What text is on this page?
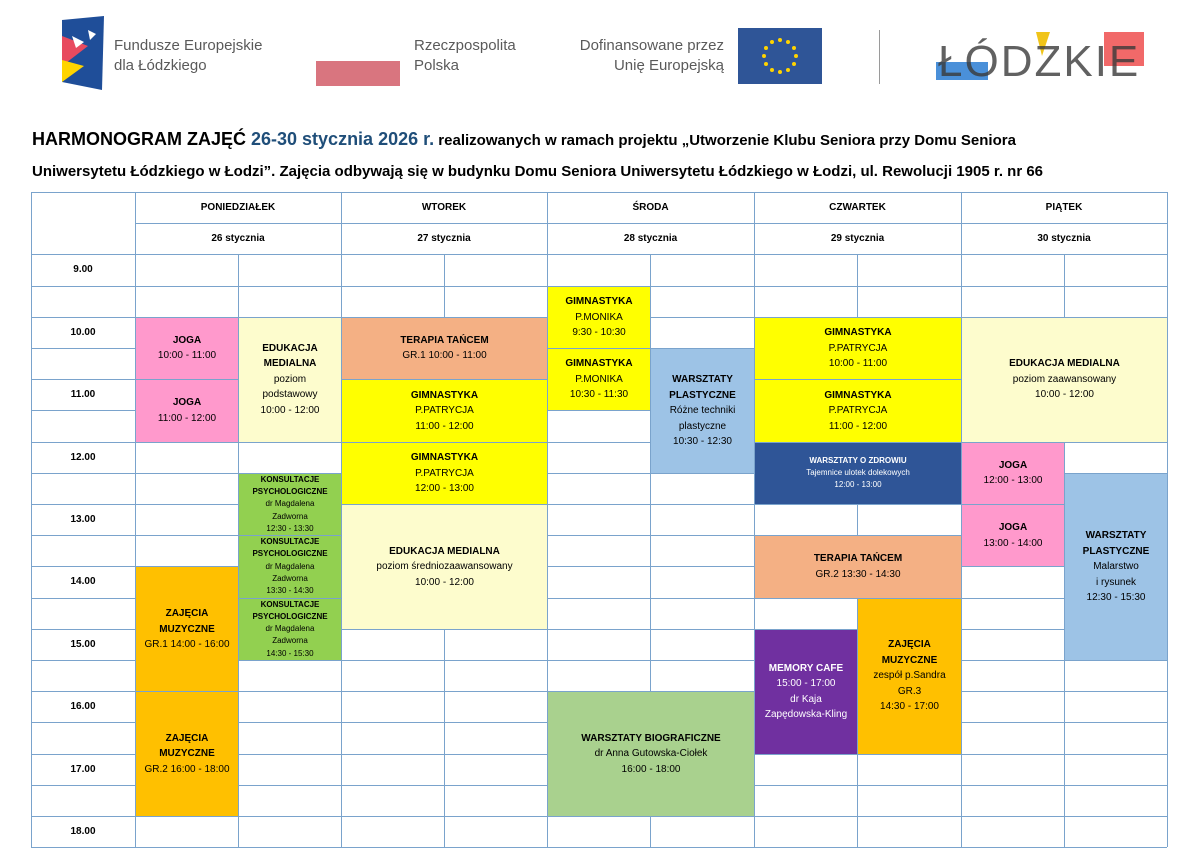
Fundusze Europejskie
dla Łódzkiego
Rzeczpospolita
Polska
Dofinansowane przez
Unię Europejską	ŁÓDZKIE
HARMONOGRAM ZAJĘĆ 26-30 stycznia 2026 r. realizowanych w ramach projektu „Utworzenie Klubu Seniora przy Domu Seniora
Uniwersytetu Łódzkiego w Łodzi”. Zajęcia odbywają się w budynku Domu Seniora Uniwersytetu Łódzkiego w Łodzi, ul. Rewolucji 1905 r. nr 66
PONIEDZIAŁEK
26 stycznia
WTOREK
27 stycznia
ŚRODA
28 stycznia
CZWARTEK
29 stycznia
PIĄTEK
30 stycznia
9.00
10.00
11.00
12.00
13.00
14.00
15.00
16.00
17.00
18.00
JOGA
10:00 - 11:00
JOGA
11:00 - 12:00
EDUKACJA
MEDIALNA
poziom
podstawowy
10:00 - 12:00
KONSULTACJE
PSYCHOLOGICZNE
dr Magdalena
Zadworna
12:30 - 13:30
KONSULTACJE
PSYCHOLOGICZNE
dr Magdalena
Zadworna
13:30 - 14:30
KONSULTACJE
PSYCHOLOGICZNE
dr Magdalena
Zadworna
14:30 - 15:30
ZAJĘCIA
MUZYCZNE
GR.1 14:00 - 16:00
ZAJĘCIA
MUZYCZNE
GR.2 16:00 - 18:00
TERAPIA TAŃCEM
GR.1 10:00 - 11:00
GIMNASTYKA
P.PATRYCJA
11:00 - 12:00
GIMNASTYKA
P.PATRYCJA
12:00 - 13:00
EDUKACJA MEDIALNA
poziom średniozaawansowany
10:00 - 12:00
GIMNASTYKA
P.MONIKA
9:30 - 10:30
GIMNASTYKA
P.MONIKA
10:30 - 11:30
WARSZTATY
PLASTYCZNE
Różne techniki
plastyczne
10:30 - 12:30
WARSZTATY BIOGRAFICZNE
dr Anna Gutowska-Ciołek
16:00 - 18:00
GIMNASTYKA
P.PATRYCJA
10:00 - 11:00
GIMNASTYKA
P.PATRYCJA
11:00 - 12:00
WARSZTATY O ZDROWIU
Tajemnice ulotek dolekowych
12:00 - 13:00
TERAPIA TAŃCEM
GR.2 13:30 - 14:30
MEMORY CAFE
15:00 - 17:00
dr Kaja
Zapędowska-Kling
ZAJĘCIA
MUZYCZNE
zespół p.Sandra
GR.3
14:30 - 17:00
EDUKACJA MEDIALNA
poziom zaawansowany
10:00 - 12:00
JOGA
12:00 - 13:00
JOGA
13:00 - 14:00
WARSZTATY
PLASTYCZNE
Malarstwo
i rysunek
12:30 - 15:30
